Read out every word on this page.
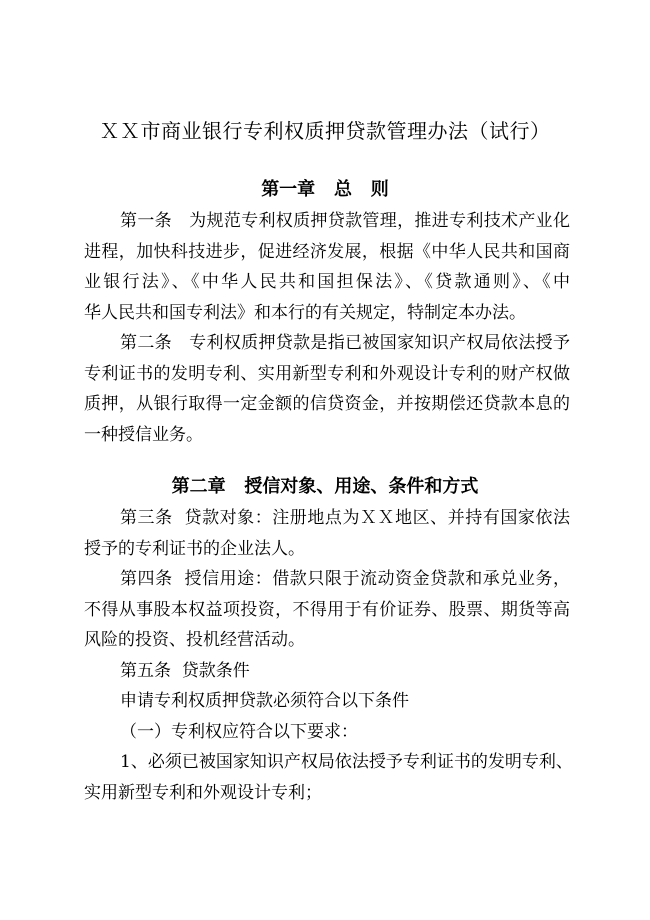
ＸＸ市商业银行专利权质押贷款管理办法（试行）
第一章   总   则
第一条   为规范专利权质押贷款管理，推进专利技术产业化
进程，加快科技进步，促进经济发展，根据《中华人民共和国商
业银行法》、《中华人民共和国担保法》、《贷款通则》、《中
华人民共和国专利法》和本行的有关规定，特制定本办法。
第二条   专利权质押贷款是指已被国家知识产权局依法授予
专利证书的发明专利、实用新型专利和外观设计专利的财产权做
质押，从银行取得一定金额的信贷资金，并按期偿还贷款本息的
一种授信业务。
第二章   授信对象、用途、条件和方式
第三条  贷款对象：注册地点为ＸＸ地区、并持有国家依法
授予的专利证书的企业法人。
第四条  授信用途：借款只限于流动资金贷款和承兑业务，
不得从事股本权益项投资，不得用于有价证券、股票、期货等高
风险的投资、投机经营活动。
第五条  贷款条件
申请专利权质押贷款必须符合以下条件
（一）专利权应符合以下要求：
1、必须已被国家知识产权局依法授予专利证书的发明专利、
实用新型专利和外观设计专利；
